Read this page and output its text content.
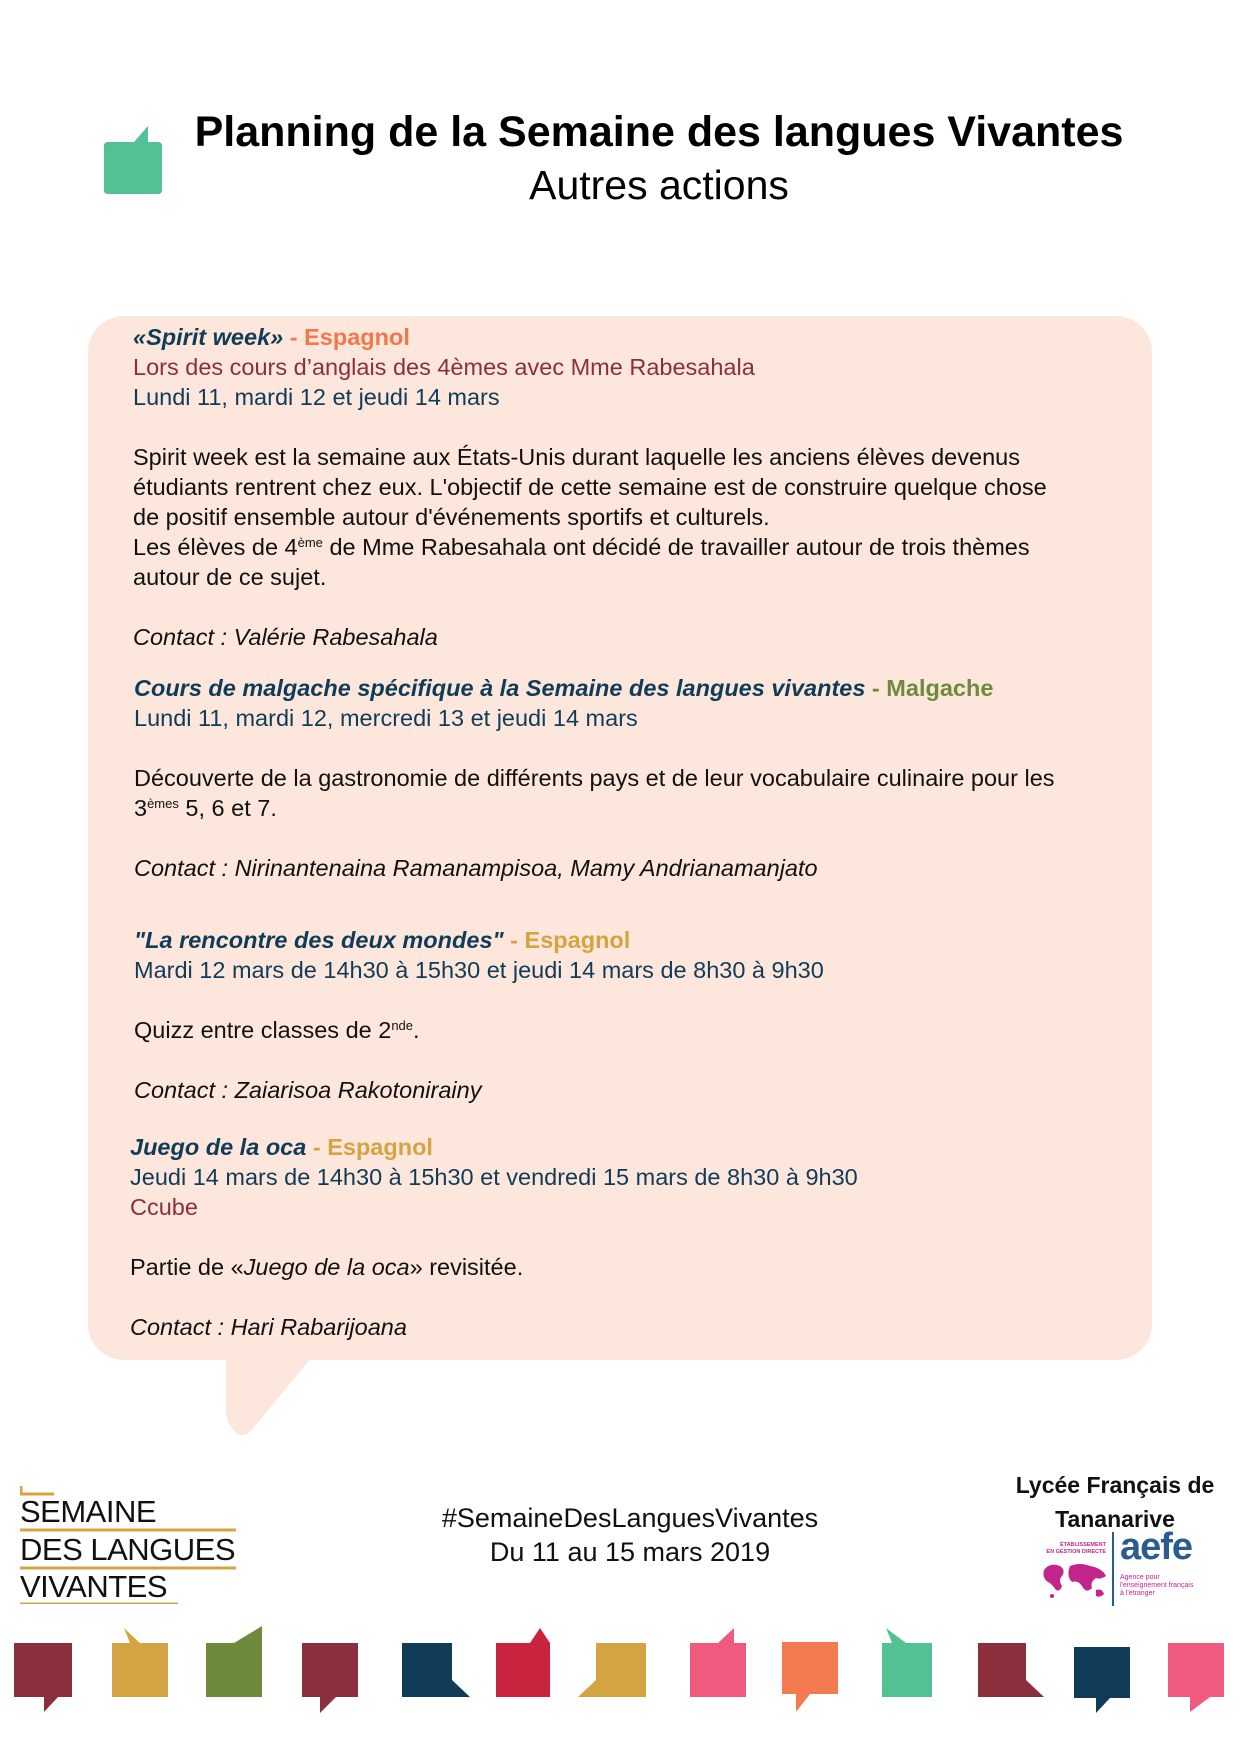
Planning de la Semaine des langues Vivantes
Autres actions
«Spirit week» - Espagnol
Lors des cours d’anglais des 4èmes avec Mme Rabesahala
Lundi 11, mardi 12 et jeudi 14 mars
Spirit week est la semaine aux États-Unis durant laquelle les anciens élèves devenus
étudiants rentrent chez eux. L'objectif de cette semaine est de construire quelque chose
de positif ensemble autour d'événements sportifs et culturels.
Les élèves de 4ème de Mme Rabesahala ont décidé de travailler autour de trois thèmes
autour de ce sujet.
Contact : Valérie Rabesahala
Cours de malgache spécifique à la Semaine des langues vivantes - Malgache
Lundi 11, mardi 12, mercredi 13 et jeudi 14 mars
Découverte de la gastronomie de différents pays et de leur vocabulaire culinaire pour les
3èmes 5, 6 et 7.
Contact : Nirinantenaina Ramanampisoa, Mamy Andrianamanjato
"La rencontre des deux mondes" - Espagnol
Mardi 12 mars de 14h30 à 15h30 et jeudi 14 mars de 8h30 à 9h30
Quizz entre classes de 2nde.
Contact : Zaiarisoa Rakotonirainy
Juego de la oca - Espagnol
Jeudi 14 mars de 14h30 à 15h30 et vendredi 15 mars de 8h30 à 9h30
Ccube
Partie de «Juego de la oca» revisitée.
Contact : Hari Rabarijoana
SEMAINE
DES LANGUES
VIVANTES
#SemaineDesLanguesVivantes
Du 11 au 15 mars 2019
Lycée Français de
Tananarive
ÉTABLISSEMENT
EN GESTION DIRECTE aefe
Agence pour
l'enseignement français
à l'étranger
